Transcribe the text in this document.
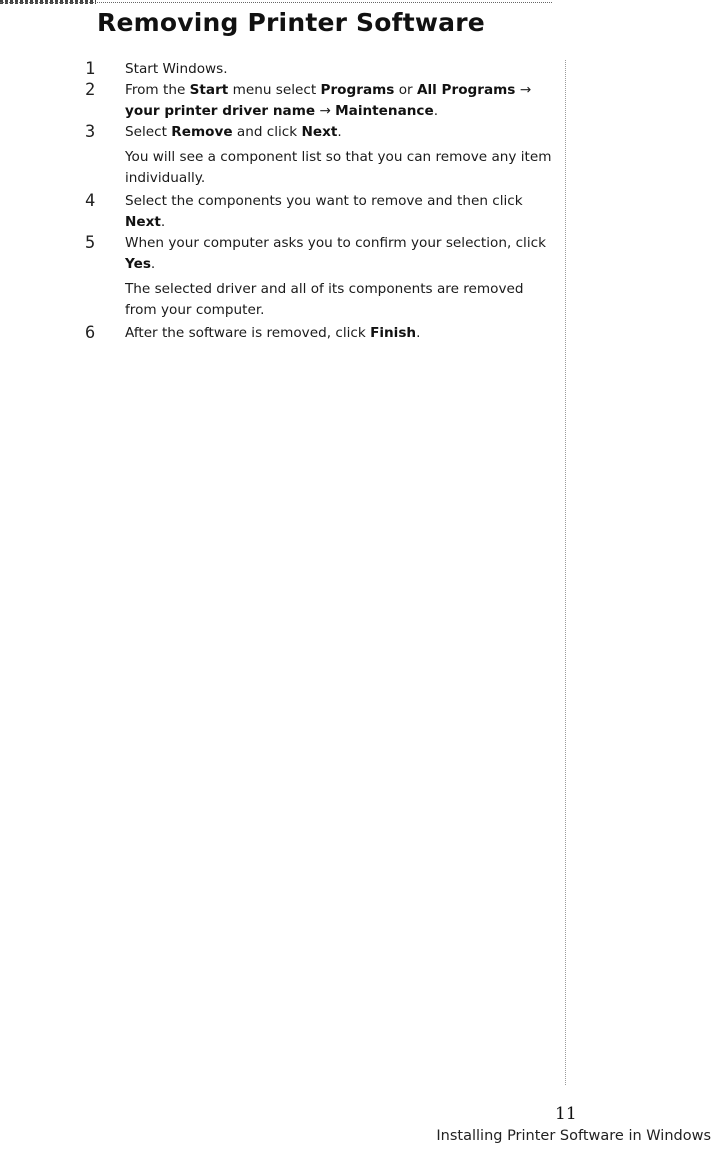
Removing Printer Software
1	Start Windows.

2	From the Start menu select Programs or All Programs → your printer driver name → Maintenance.

3	Select Remove and click Next.

You will see a component list so that you can remove any item individually.

4	Select the components you want to remove and then click Next.

5	When your computer asks you to confirm your selection, click Yes.

The selected driver and all of its components are removed from your computer.

6	After the software is removed, click Finish.

11
Installing Printer Software in Windows
